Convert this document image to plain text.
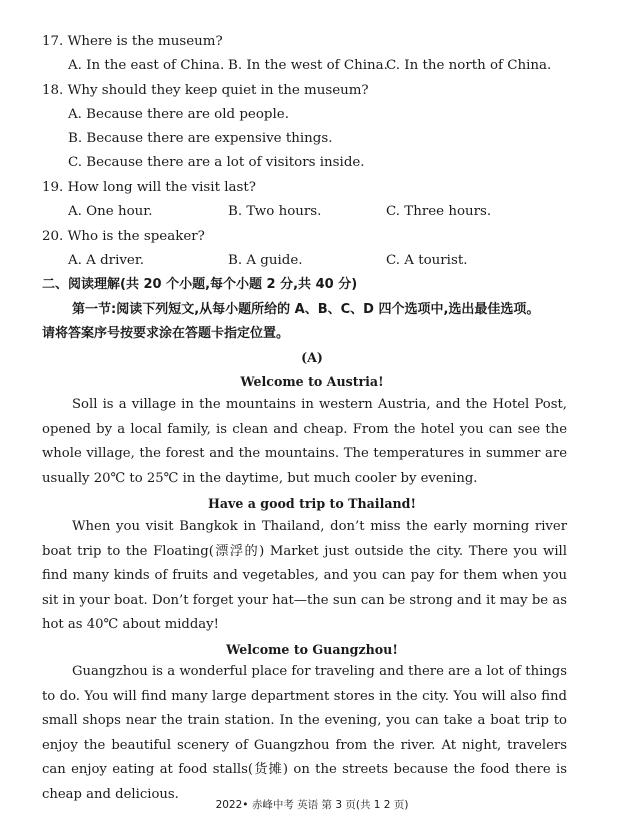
17. Where is the museum?
A. In the east of China. B. In the west of China.
C. In the north of China.
18. Why should they keep quiet in the museum?
A. Because there are old people.
B. Because there are expensive things.
C. Because there are a lot of visitors inside.
19. How long will the visit last?
A. One hour.	B. Two hours.	C. Three hours.
20. Who is the speaker?
A. A driver.	B. A guide.	C. A tourist.
二、阅读理解(共 20 个小题,每个小题 2 分,共 40 分)
第一节:阅读下列短文,从每小题所给的 A、B、C、D 四个选项中,选出最佳选项。
请将答案序号按要求涂在答题卡指定位置。
(A)
Welcome to Austria!
Soll is a village in the mountains in western Austria, and the Hotel Post, opened by a local family, is clean and cheap. From the hotel you can see the whole village, the forest and the mountains. The temperatures in summer are usually 20℃ to 25℃ in the daytime, but much cooler by evening.
Have a good trip to Thailand!
When you visit Bangkok in Thailand, don’t miss the early morning river boat trip to the Floating(漂浮的) Market just outside the city. There you will find many kinds of fruits and vegetables, and you can pay for them when you sit in your boat. Don’t forget your hat—the sun can be strong and it may be as hot as 40℃ about midday!
Welcome to Guangzhou!
Guangzhou is a wonderful place for traveling and there are a lot of things to do. You will find many large department stores in the city. You will also find small shops near the train station. In the evening, you can take a boat trip to enjoy the beautiful scenery of Guangzhou from the river. At night, travelers can enjoy eating at food stalls(货摊) on the streets because the food there is cheap and delicious.
2022• 赤峰中考 英语 第 3 页(共 1 2 页)
